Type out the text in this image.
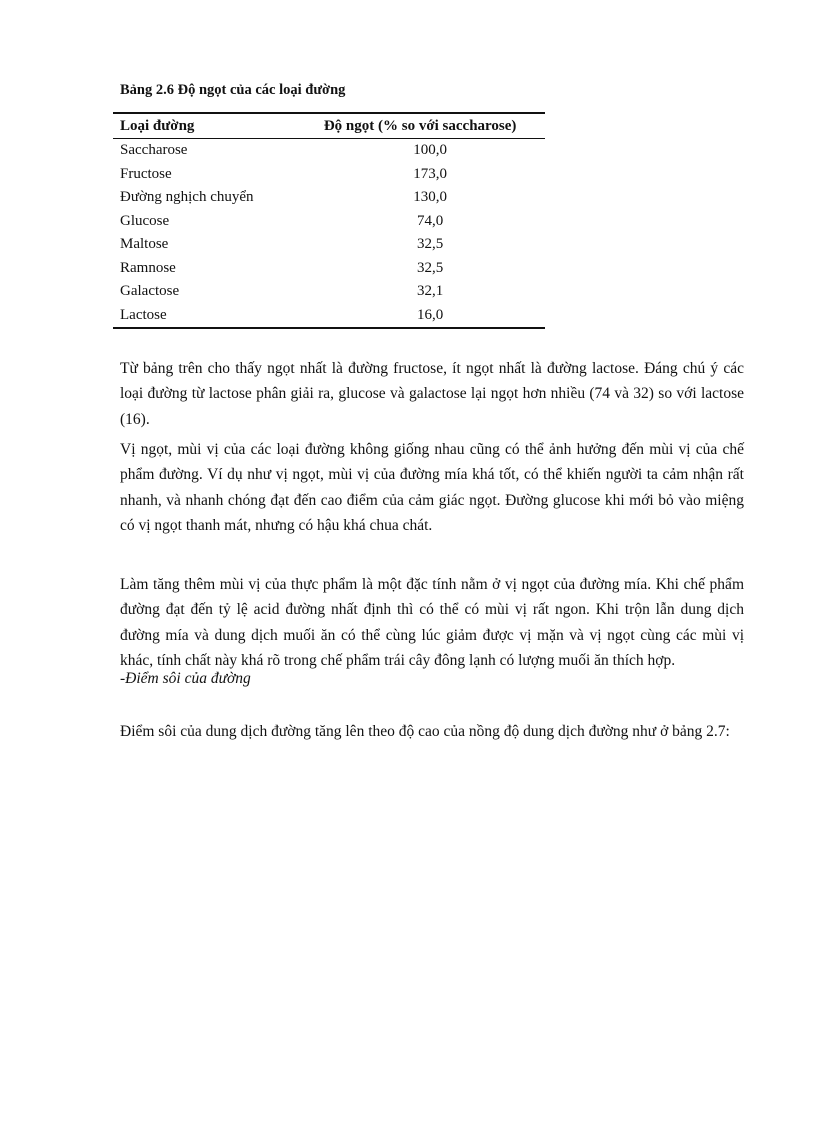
Bảng 2.6 Độ ngọt của các loại đường
Loại đường	Độ ngọt (% so với saccharose)
Saccharose	100,0
Fructose	173,0
Đường nghịch chuyển	130,0
Glucose	74,0
Maltose	32,5
Ramnose	32,5
Galactose	32,1
Lactose	16,0

Từ bảng trên cho thấy ngọt nhất là đường fructose, ít ngọt nhất là đường lactose. Đáng chú ý các loại đường từ lactose phân giải ra, glucose và galactose lại ngọt hơn nhiều (74 và 32) so với lactose (16).

Vị ngọt, mùi vị của các loại đường không giống nhau cũng có thể ảnh hưởng đến mùi vị của chế phẩm đường. Ví dụ như vị ngọt, mùi vị của đường mía khá tốt, có thể khiến người ta cảm nhận rất nhanh, và nhanh chóng đạt đến cao điểm của cảm giác ngọt. Đường glucose khi mới bỏ vào miệng có vị ngọt thanh mát, nhưng có hậu khá chua chát.

Làm tăng thêm mùi vị của thực phẩm là một đặc tính nằm ở vị ngọt của đường mía. Khi chế phẩm đường đạt đến tỷ lệ acid đường nhất định thì có thể có mùi vị rất ngon. Khi trộn lẫn dung dịch đường mía và dung dịch muối ăn có thể cùng lúc giảm được vị mặn và vị ngọt cùng các mùi vị khác, tính chất này khá rõ trong chế phẩm trái cây đông lạnh có lượng muối ăn thích hợp.

-Điểm sôi của đường

Điểm sôi của dung dịch đường tăng lên theo độ cao của nồng độ dung dịch đường như ở bảng 2.7:
